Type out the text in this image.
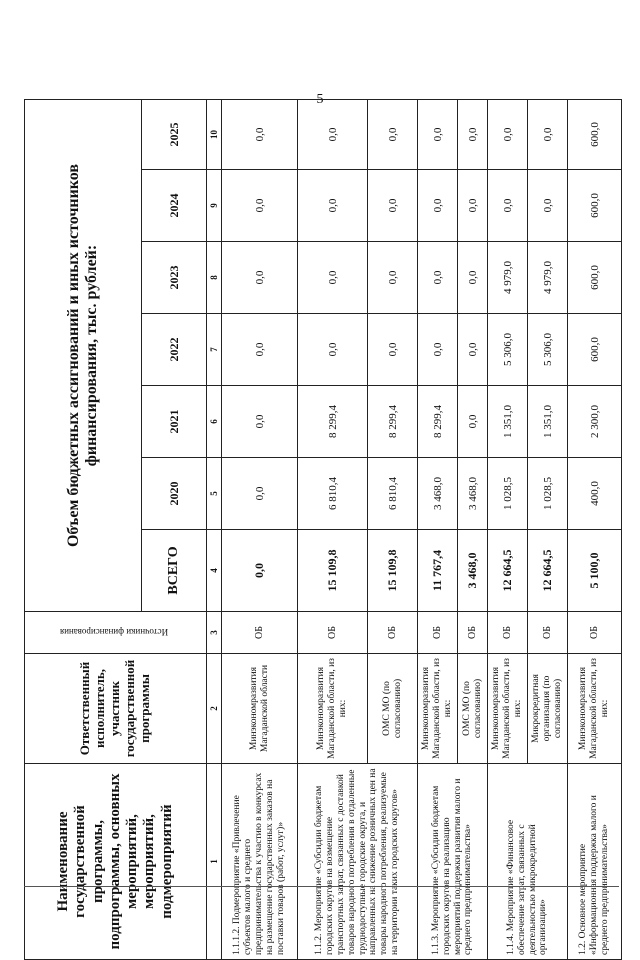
5
Наименование государственной программы, подпрограммы, основных мероприятий, мероприятий, подмероприятий	Ответственный исполнитель, участник государственной программы	Источники финансирования	Объем бюджетных ассигнований и иных источников финансирования, тыс. рублей:						
			ВСЕГО	2020	2021	2022	2023	2024	2025
1	2	3	4	5	6	7	8	9	10
1.1.1.2. Подмероприятие «Привлечение субъектов малого и среднего предпринимательства к участию в конкурсах на размещение государственных заказов на поставки товаров (работ, услуг)»	Минэкономразвития Магаданской области	ОБ	0,0	0,0	0,0	0,0	0,0	0,0	0,0
1.1.2. Мероприятие «Субсидии бюджетам городских округов на возмещение транспортных затрат, связанных с доставкой товаров народного потребления в отдаленные труднодоступные городские округа, и направленных на снижение розничных цен на товары народного потребления, реализуемые на территории таких городских округов»	Минэкономразвития Магаданской области, из них:	ОБ	15 109,8	6 810,4	8 299,4	0,0	0,0	0,0	0,0
	ОМС МО (по согласованию)	ОБ	15 109,8	6 810,4	8 299,4	0,0	0,0	0,0	0,0
1.1.3. Мероприятие «Субсидии бюджетам городских округов на реализацию мероприятий поддержки развития малого и среднего предпринимательства»	Минэкономразвития Магаданской области, из них:	ОБ	11 767,4	3 468,0	8 299,4	0,0	0,0	0,0	0,0
	ОМС МО (по согласованию)	ОБ	3 468,0	3 468,0	0,0	0,0	0,0	0,0	0,0
1.1.4. Мероприятие «Финансовое обеспечение затрат, связанных с деятельностью микрокредитной организации»	Минэкономразвития Магаданской области, из них:	ОБ	12 664,5	1 028,5	1 351,0	5 306,0	4 979,0	0,0	0,0
	Микрокредитная организация (по согласованию)	ОБ	12 664,5	1 028,5	1 351,0	5 306,0	4 979,0	0,0	0,0
1.2. Основное мероприятие «Информационная поддержка малого и среднего предпринимательства»	Минэкономразвития Магаданской области, из них:	ОБ	5 100,0	400,0	2 300,0	600,0	600,0	600,0	600,0
